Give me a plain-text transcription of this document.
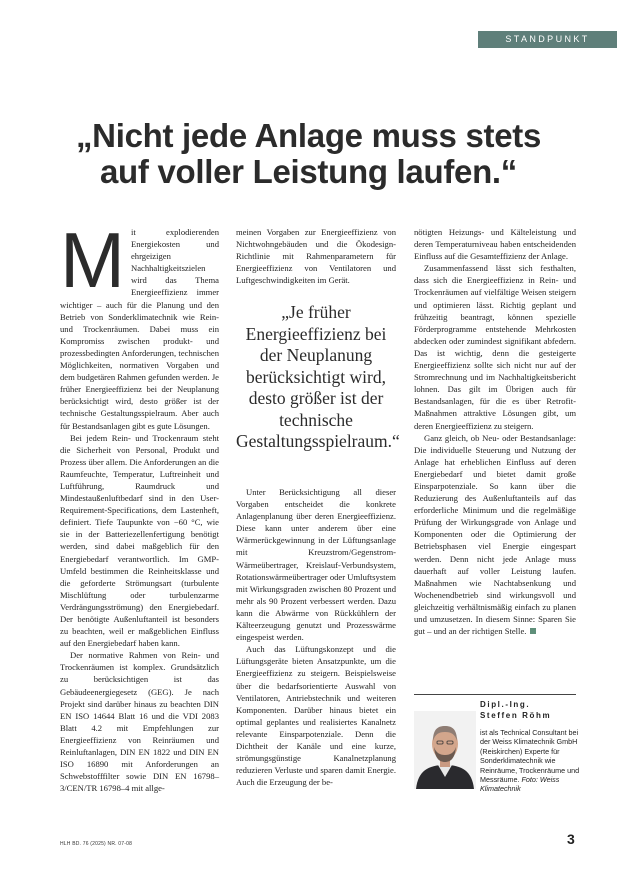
STANDPUNKT
„Nicht jede Anlage muss stets
auf voller Leistung laufen.“

Mit explodierenden Energiekosten und ehrgeizigen Nachhaltigkeitszielen wird das Thema Energieeffizienz immer wichtiger – auch für die Planung und den Betrieb von Sonderklimatechnik wie Rein- und Trockenräumen. Dabei muss ein Kompromiss zwischen produkt- und prozessbedingten Anforderungen, technischen Möglichkeiten, normativen Vorgaben und dem budgetären Rahmen gefunden werden. Je früher Energieeffizienz bei der Neuplanung berücksichtigt wird, desto größer ist der technische Gestaltungsspielraum. Aber auch für Bestandsanlagen gibt es gute Lösungen.

Bei jedem Rein- und Trockenraum steht die Sicherheit von Personal, Produkt und Prozess über allem. Die Anforderungen an die Raumfeuchte, Temperatur, Luftreinheit und Luftführung, Raumdruck und Mindestaußenluftbedarf sind in den User-Requirement-Specifications, dem Lastenheft, definiert. Tiefe Taupunkte von −60 °C, wie sie in der Batteriezellenfertigung benötigt werden, sind dabei maßgeblich für den Energiebedarf verantwortlich. Im GMP-Umfeld bestimmen die Reinheitsklasse und die geforderte Strömungsart (turbulente Mischlüftung oder turbulenzarme Verdrängungsströmung) den Energiebedarf. Der benötigte Außenluftanteil ist besonders zu beachten, weil er maßgeblichen Einfluss auf den Energiebedarf haben kann.

Der normative Rahmen von Rein- und Trockenräumen ist komplex. Grundsätzlich zu berücksichtigen ist das Gebäudeenergiegesetz (GEG). Je nach Projekt sind darüber hinaus zu beachten DIN EN ISO 14644 Blatt 16 und die VDI 2083 Blatt 4.2 mit Empfehlungen zur Energieeffizienz von Reinräumen und Reinluftanlagen, DIN EN 1822 und DIN EN ISO 16890 mit Anforderungen an Schwebstofffilter sowie DIN EN 16798–3/CEN/TR 16798–4 mit allge-

meinen Vorgaben zur Energieeffizienz von Nichtwohngebäuden und die Ökodesign-Richtlinie mit Rahmenparametern für Energieeffizienz von Ventilatoren und Luftgeschwindigkeiten im Gerät.

„Je früher Energieeffizienz bei der Neuplanung berücksichtigt wird, desto größer ist der technische Gestaltungsspielraum.“

Unter Berücksichtigung all dieser Vorgaben entscheidet die konkrete Anlagenplanung über deren Energieeffizienz. Diese kann unter anderem über eine Wärmerückgewinnung in der Lüftungsanlage mit Kreuzstrom/Gegenstrom-Wärmeübertrager, Kreislauf-Verbundsystem, Rotationswärmeübertrager oder Umluftsystem mit Wirkungsgraden zwischen 80 Prozent und mehr als 90 Prozent verbessert werden. Dazu kann die Abwärme von Rückkühlern der Kälteerzeugung genutzt und Prozesswärme eingespeist werden.

Auch das Lüftungskonzept und die Lüftungsgeräte bieten Ansatzpunkte, um die Energieeffizienz zu steigern. Beispielsweise über die bedarfsorientierte Auswahl von Ventilatoren, Antriebstechnik und weiteren Komponenten. Darüber hinaus bietet ein optimal geplantes und realisiertes Kanalnetz relevante Einsparpotenziale. Denn die Dichtheit der Kanäle und eine kurze, strömungsgünstige Kanalnetzplanung reduzieren Verluste und sparen damit Energie. Auch die Erzeugung der be-

nötigten Heizungs- und Kälteleistung und deren Temperaturniveau haben entscheidenden Einfluss auf die Gesamteffizienz der Anlage.

Zusammenfassend lässt sich festhalten, dass sich die Energieeffizienz in Rein- und Trockenräumen auf vielfältige Weisen steigern und optimieren lässt. Richtig geplant und frühzeitig beantragt, können spezielle Förderprogramme entstehende Mehrkosten abdecken oder zumindest signifikant abfedern. Das ist wichtig, denn die gesteigerte Energieeffizienz sollte sich nicht nur auf der Stromrechnung und im Nachhaltigkeitsbericht lohnen. Das gilt im Übrigen auch für Bestandsanlagen, für die es über Retrofit-Maßnahmen attraktive Lösungen gibt, um deren Energieeffizienz zu steigern.

Ganz gleich, ob Neu- oder Bestandsanlage: Die individuelle Steuerung und Nutzung der Anlage hat erheblichen Einfluss auf deren Energiebedarf und bietet damit große Einsparpotenziale. So kann über die Reduzierung des Außenluftanteils auf das erforderliche Minimum und die regelmäßige Prüfung der Wirkungsgrade von Anlage und Komponenten oder die Optimierung der Betriebsphasen viel Energie eingespart werden. Denn nicht jede Anlage muss dauerhaft auf voller Leistung laufen. Maßnahmen wie Nachtabsenkung und Wochenendbetrieb sind wirkungsvoll und gleichzeitig verhältnismäßig einfach zu planen und umzusetzen. In diesem Sinne: Sparen Sie gut – und an der richtigen Stelle.

Dipl.-Ing.
Steffen Röhm
ist als Technical Consultant bei der Weiss Klimatechnik GmbH (Reiskirchen) Experte für Sonderklimatechnik wie Reinräume, Trockenräume und Messräume. Foto: Weiss Klimatechnik
HLH BD. 76 (2025) NR. 07-08	3
